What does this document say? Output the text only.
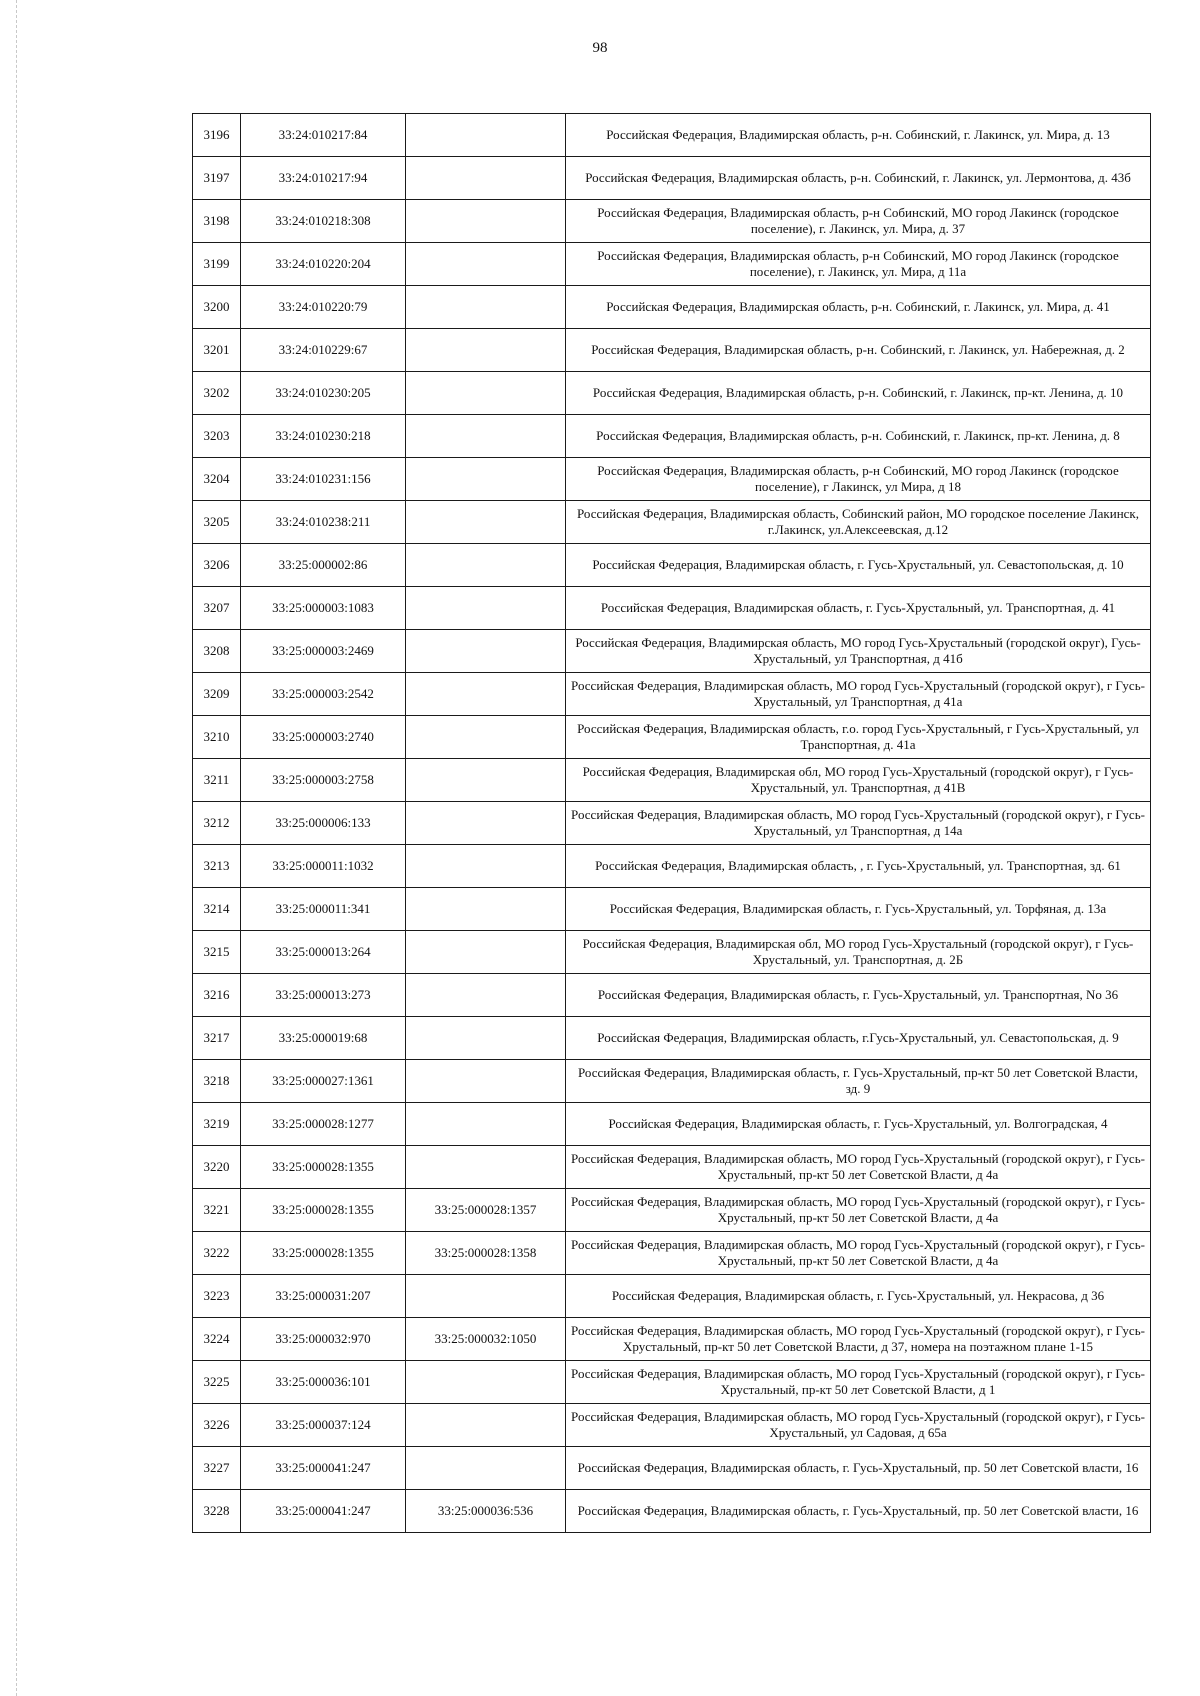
98
3196	33:24:010217:84		Российская Федерация, Владимирская область, р-н. Собинский, г. Лакинск, ул. Мира, д. 13
3197	33:24:010217:94		Российская Федерация, Владимирская область, р-н. Собинский, г. Лакинск, ул. Лермонтова, д. 43б
3198	33:24:010218:308		Российская Федерация, Владимирская область, р-н Собинский, МО город Лакинск (городское поселение), г. Лакинск, ул. Мира, д. 37
3199	33:24:010220:204		Российская Федерация, Владимирская область, р-н Собинский, МО город Лакинск (городское поселение), г. Лакинск, ул. Мира, д 11а
3200	33:24:010220:79		Российская Федерация, Владимирская область, р-н. Собинский, г. Лакинск, ул. Мира, д. 41
3201	33:24:010229:67		Российская Федерация, Владимирская область, р-н. Собинский, г. Лакинск, ул. Набережная, д. 2
3202	33:24:010230:205		Российская Федерация, Владимирская область, р-н. Собинский, г. Лакинск, пр-кт. Ленина, д. 10
3203	33:24:010230:218		Российская Федерация, Владимирская область, р-н. Собинский, г. Лакинск, пр-кт. Ленина, д. 8
3204	33:24:010231:156		Российская Федерация, Владимирская область, р-н Собинский, МО город Лакинск (городское поселение), г Лакинск, ул Мира, д 18
3205	33:24:010238:211		Российская Федерация, Владимирская область, Собинский район, МО городское поселение Лакинск, г.Лакинск, ул.Алексеевская, д.12
3206	33:25:000002:86		Российская Федерация, Владимирская область, г. Гусь-Хрустальный, ул. Севастопольская, д. 10
3207	33:25:000003:1083		Российская Федерация, Владимирская область, г. Гусь-Хрустальный, ул. Транспортная, д. 41
3208	33:25:000003:2469		Российская Федерация, Владимирская область, МО город Гусь-Хрустальный (городской округ), Гусь-Хрустальный, ул Транспортная, д 41б
3209	33:25:000003:2542		Российская Федерация, Владимирская область, МО город Гусь-Хрустальный (городской округ), г Гусь-Хрустальный, ул Транспортная, д 41а
3210	33:25:000003:2740		Российская Федерация, Владимирская область, г.о. город Гусь-Хрустальный, г Гусь-Хрустальный, ул Транспортная, д. 41а
3211	33:25:000003:2758		Российская Федерация, Владимирская обл, МО город Гусь-Хрустальный (городской округ), г Гусь-Хрустальный, ул. Транспортная, д 41В
3212	33:25:000006:133		Российская Федерация, Владимирская область, МО город Гусь-Хрустальный (городской округ), г Гусь-Хрустальный, ул Транспортная, д 14а
3213	33:25:000011:1032		Российская Федерация, Владимирская область, , г. Гусь-Хрустальный, ул. Транспортная, зд. 61
3214	33:25:000011:341		Российская Федерация, Владимирская область, г. Гусь-Хрустальный, ул. Торфяная, д. 13а
3215	33:25:000013:264		Российская Федерация, Владимирская обл, МО город Гусь-Хрустальный (городской округ), г Гусь-Хрустальный, ул. Транспортная, д. 2Б
3216	33:25:000013:273		Российская Федерация, Владимирская область, г. Гусь-Хрустальный, ул. Транспортная, No 36
3217	33:25:000019:68		Российская Федерация, Владимирская область, г.Гусь-Хрустальный, ул. Севастопольская, д. 9
3218	33:25:000027:1361		Российская Федерация, Владимирская область, г. Гусь-Хрустальный, пр-кт 50 лет Советской Власти, зд. 9
3219	33:25:000028:1277		Российская Федерация, Владимирская область, г. Гусь-Хрустальный, ул. Волгоградская, 4
3220	33:25:000028:1355		Российская Федерация, Владимирская область, МО город Гусь-Хрустальный (городской округ), г Гусь- Хрустальный, пр-кт 50 лет Советской Власти, д 4а
3221	33:25:000028:1355	33:25:000028:1357	Российская Федерация, Владимирская область, МО город Гусь-Хрустальный (городской округ), г Гусь- Хрустальный, пр-кт 50 лет Советской Власти, д 4а
3222	33:25:000028:1355	33:25:000028:1358	Российская Федерация, Владимирская область, МО город Гусь-Хрустальный (городской округ), г Гусь- Хрустальный, пр-кт 50 лет Советской Власти, д 4а
3223	33:25:000031:207		Российская Федерация, Владимирская область, г. Гусь-Хрустальный, ул. Некрасова, д 36
3224	33:25:000032:970	33:25:000032:1050	Российская Федерация, Владимирская область, МО город Гусь-Хрустальный (городской округ), г Гусь-Хрустальный, пр-кт 50 лет Советской Власти, д 37, номера на поэтажном плане 1-15
3225	33:25:000036:101		Российская Федерация, Владимирская область, МО город Гусь-Хрустальный (городской округ), г Гусь-Хрустальный, пр-кт 50 лет Советской Власти, д 1
3226	33:25:000037:124		Российская Федерация, Владимирская область, МО город Гусь-Хрустальный (городской округ), г Гусь- Хрустальный, ул Садовая, д 65а
3227	33:25:000041:247		Российская Федерация, Владимирская область, г. Гусь-Хрустальный, пр. 50 лет Советской власти, 16
3228	33:25:000041:247	33:25:000036:536	Российская Федерация, Владимирская область, г. Гусь-Хрустальный, пр. 50 лет Советской власти, 16
